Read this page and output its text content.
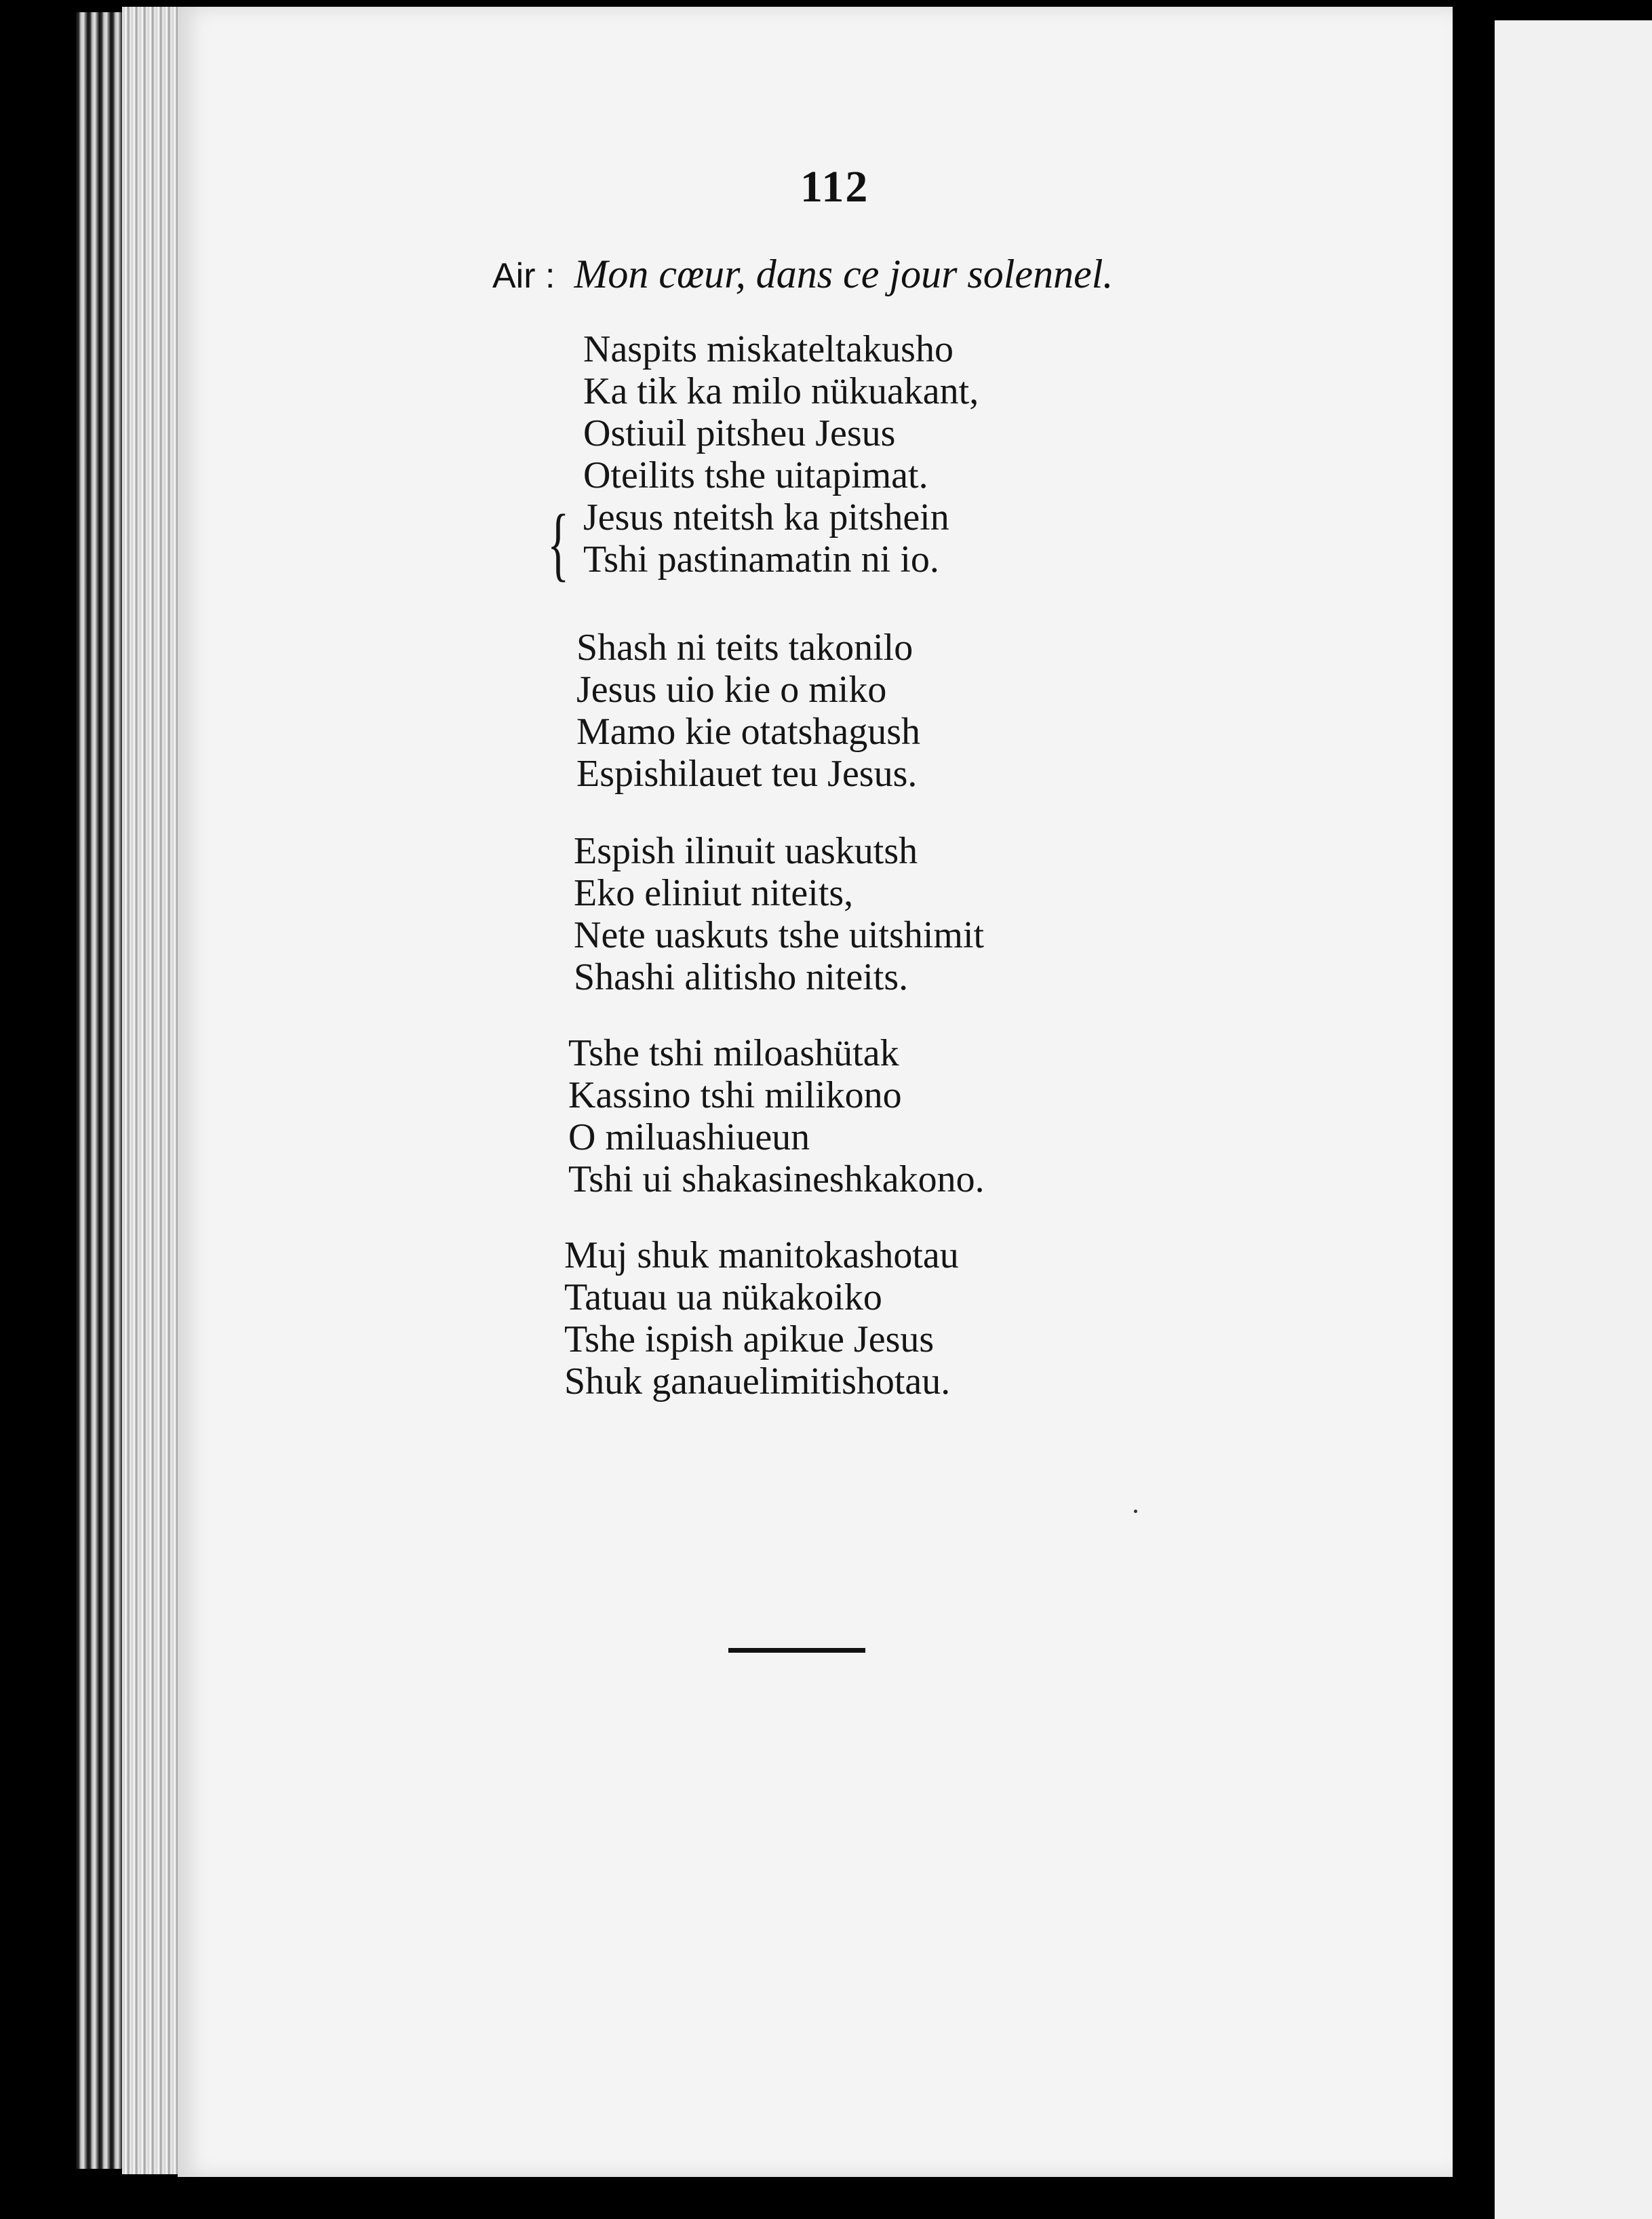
112
Air : Mon cœur, dans ce jour solennel.
{
Naspits miskateltakusho
Ka tik ka milo nükuakant,
Ostiuil pitsheu Jesus
Oteilits tshe uitapimat.
Jesus nteitsh ka pitshein
Tshi pastinamatin ni io.
Shash ni teits takonilo
Jesus uio kie o miko
Mamo kie otatshagush
Espishilauet teu Jesus.
Espish ilinuit uaskutsh
Eko eliniut niteits,
Nete uaskuts tshe uitshimit
Shashi alitisho niteits.
Tshe tshi miloashütak
Kassino tshi milikono
O miluashiueun
Tshi ui shakasineshkakono.
Muj shuk manitokashotau
Tatuau ua nükakoiko
Tshe ispish apikue Jesus
Shuk ganauelimitishotau.
